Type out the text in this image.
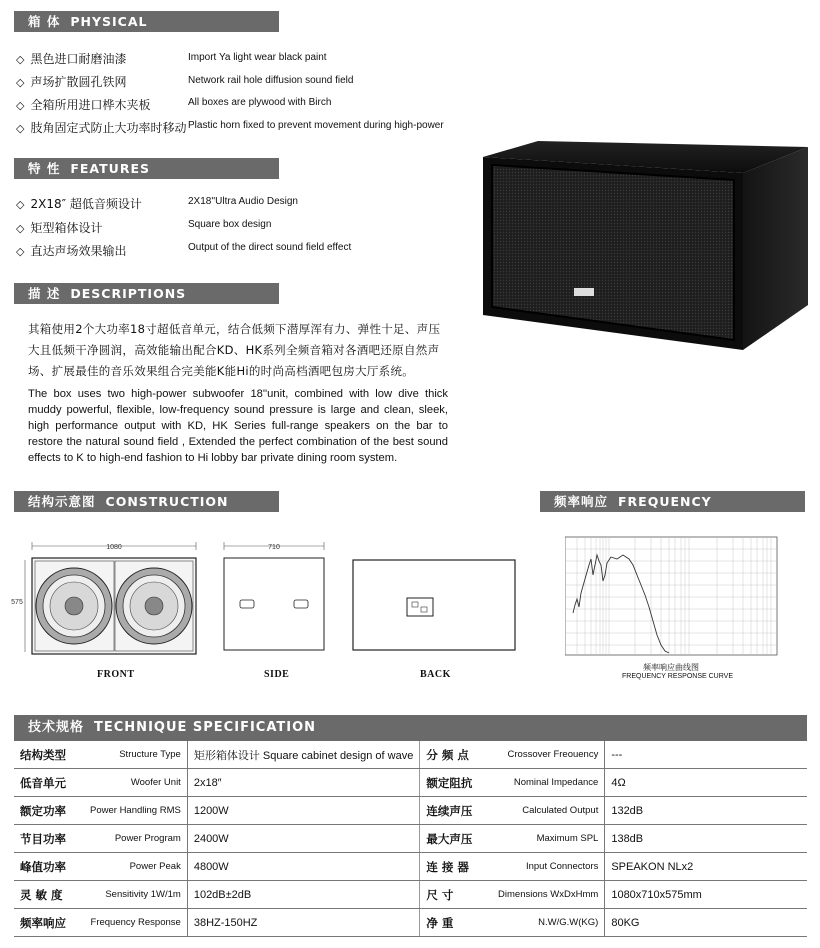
箱 体 PHYSICAL
◇ 黑色进口耐磨油漆	Import Ya light wear black paint
◇ 声场扩散圆孔铁网	Network rail hole diffusion sound field
◇ 全箱所用进口桦木夹板	All boxes are plywood with Birch
◇ 肢角固定式防止大功率时移动 Plastic horn fixed to prevent movement during high-power
特 性 FEATURES
◇ 2X18″ 超低音频设计	2X18''Ultra Audio Design
◇ 矩型箱体设计	Square box design
◇ 直达声场效果输出	Output of the direct sound field effect
描 述 DESCRIPTIONS
其箱使用2个大功率18寸超低音单元，结合低频下潜厚浑有力、弹性十足、声压大且低频干净圆润，高效能输出配合KD、HK系列全频音箱对各酒吧还原自然声场、扩展最佳的音乐效果组合完美能K能Hi的时尚高档酒吧包房大厅系统。
The box uses two high-power subwoofer 18''unit, combined with low dive thick muddy powerful, flexible, low-frequency sound pressure is large and clean, sleek, high performance output with KD, HK Series full-range speakers on the bar to restore the natural sound field , Extended the perfect combination of the best sound effects to K to high-end fashion to Hi lobby bar private dining room system.
结构示意图 CONSTRUCTION DRAWING
1080
575
FRONT
710
SIDE	BACK
频率响应 FREQUENCY RESPONSE
频率响应曲线图
FREQUENCY RESPONSE CURVE
技术规格 TECHNIQUE SPECIFICATION
结构类型	Structure Type	矩形箱体设计 Square cabinet design of wave	分 频 点	Crossover Freouency	---
低音单元	Woofer Unit	2x18″	额定阻抗	Nominal Impedance	4Ω
额定功率	Power Handling RMS	1200W	连续声压	Calculated Output	132dB
节目功率	Power Program	2400W	最大声压	Maximum SPL	138dB
峰值功率	Power Peak	4800W	连 接 器	Input Connectors	SPEAKON NLx2
灵 敏 度	Sensitivity 1W/1m	102dB±2dB	尺 寸	Dimensions WxDxHmm	1080x710x575mm
频率响应	Frequency Response	38HZ-150HZ	净 重	N.W/G.W(KG)	80KG
